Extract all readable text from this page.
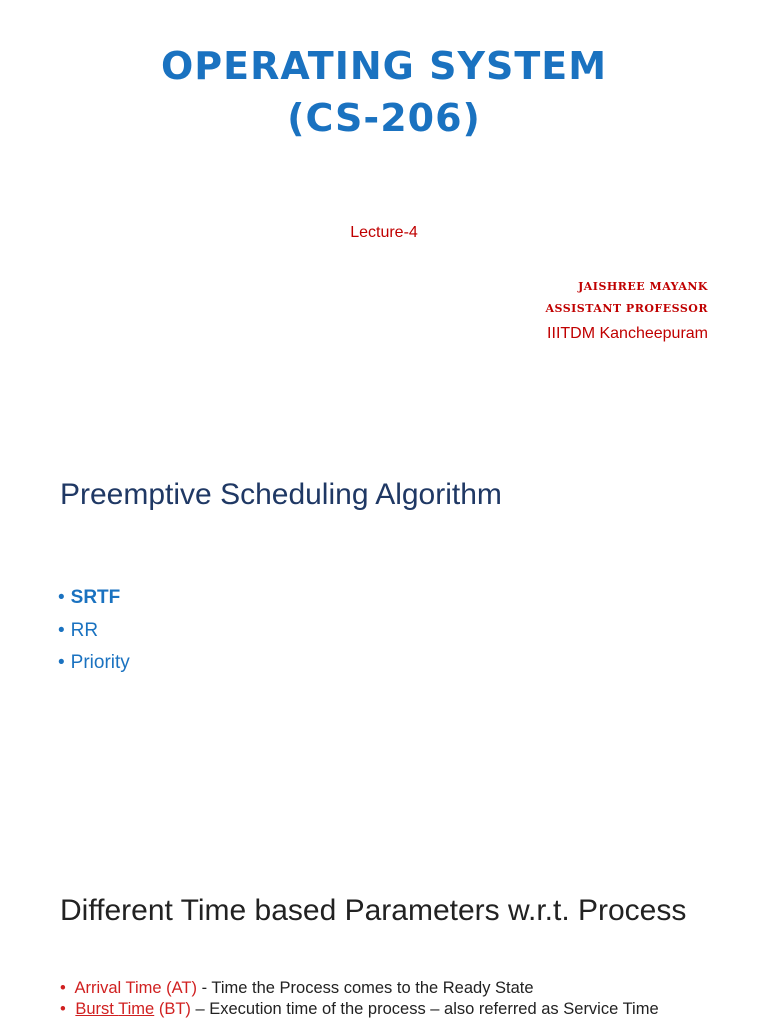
OPERATING SYSTEM
(CS-206)
Lecture-4
JAISHREE MAYANK
ASSISTANT PROFESSOR
IIITDM Kancheepuram
Preemptive Scheduling Algorithm
• SRTF
• RR
• Priority
Different Time based Parameters w.r.t. Process
• Arrival Time (AT) - Time the Process comes to the Ready State
• Burst Time (BT) – Execution time of the process – also referred as Service Time
